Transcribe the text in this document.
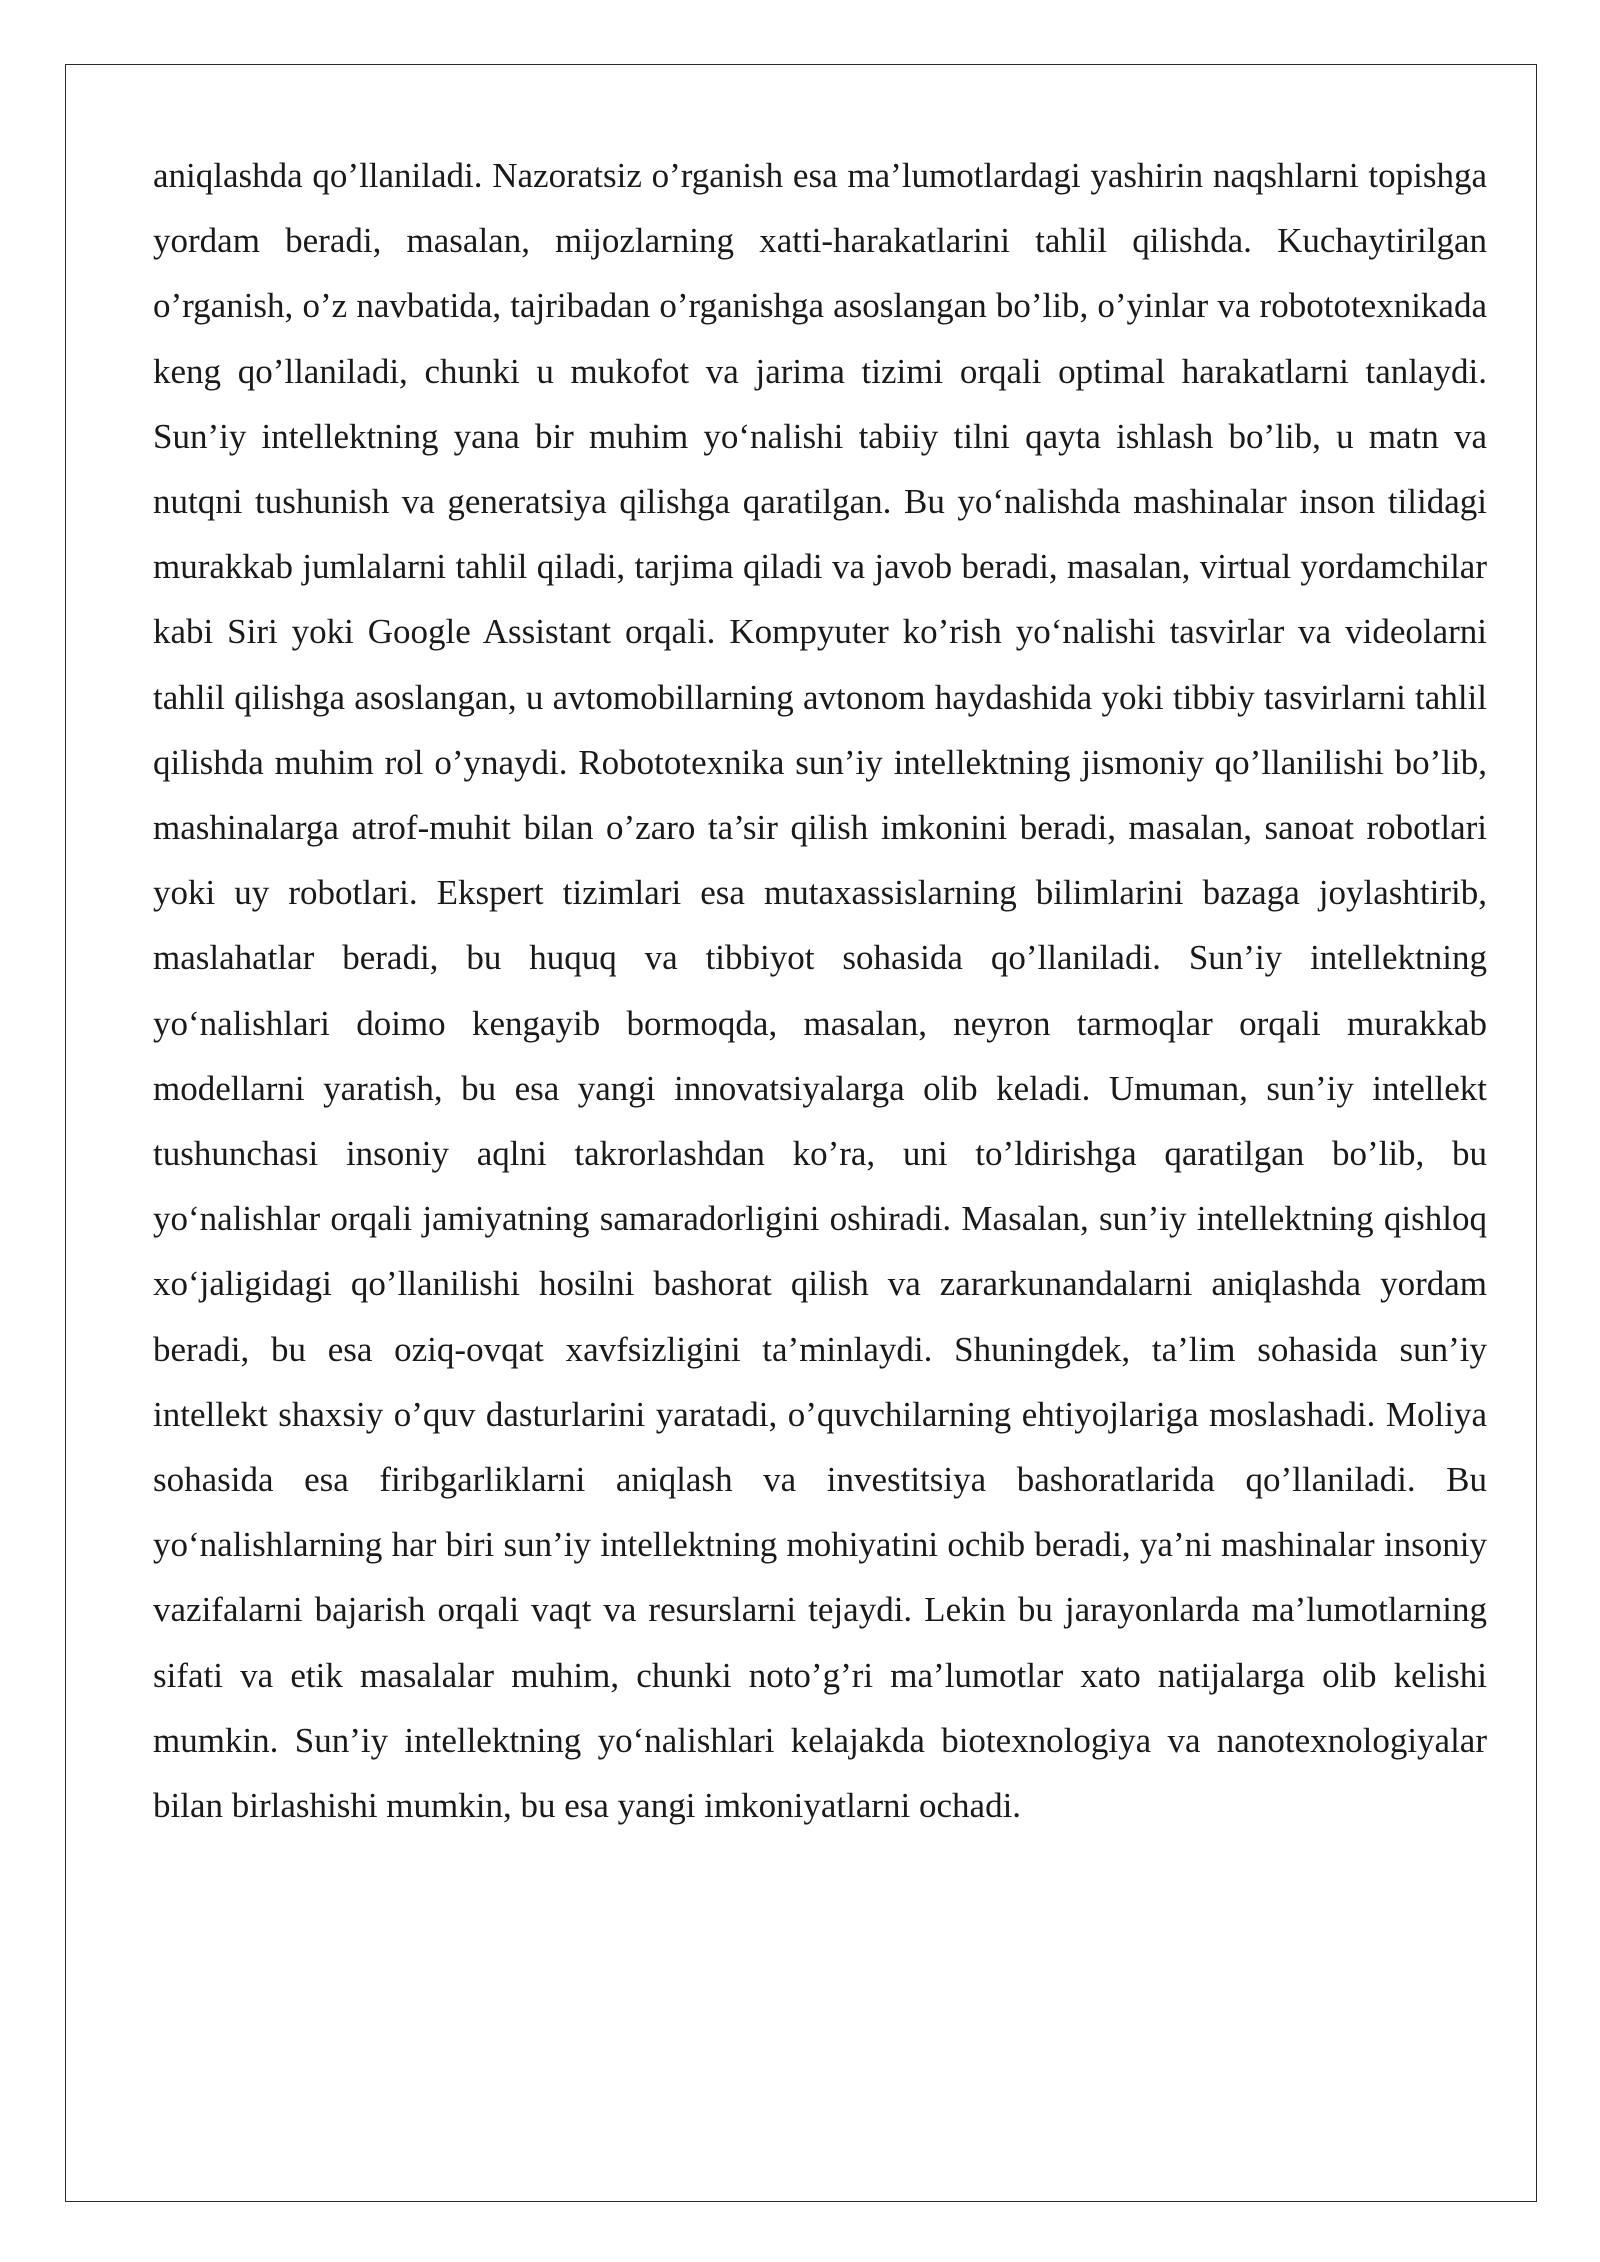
aniqlashda qo’llaniladi. Nazoratsiz o’rganish esa ma’lumotlardagi yashirin naqshlarni topishga yordam beradi, masalan, mijozlarning xatti-harakatlarini tahlil qilishda. Kuchaytirilgan o’rganish, o’z navbatida, tajribadan o’rganishga asoslangan bo’lib, o’yinlar va robototexnikada keng qo’llaniladi, chunki u mukofot va jarima tizimi orqali optimal harakatlarni tanlaydi. Sun’iy intellektning yana bir muhim yo‘nalishi tabiiy tilni qayta ishlash bo’lib, u matn va nutqni tushunish va generatsiya qilishga qaratilgan. Bu yo‘nalishda mashinalar inson tilidagi murakkab jumlalarni tahlil qiladi, tarjima qiladi va javob beradi, masalan, virtual yordamchilar kabi Siri yoki Google Assistant orqali. Kompyuter ko’rish yo‘nalishi tasvirlar va videolarni tahlil qilishga asoslangan, u avtomobillarning avtonom haydashida yoki tibbiy tasvirlarni tahlil qilishda muhim rol o’ynaydi. Robototexnika sun’iy intellektning jismoniy qo’llanilishi bo’lib, mashinalarga atrof-muhit bilan o’zaro ta’sir qilish imkonini beradi, masalan, sanoat robotlari yoki uy robotlari. Ekspert tizimlari esa mutaxassislarning bilimlarini bazaga joylashtirib, maslahatlar beradi, bu huquq va tibbiyot sohasida qo’llaniladi. Sun’iy intellektning yo‘nalishlari doimo kengayib bormoqda, masalan, neyron tarmoqlar orqali murakkab modellarni yaratish, bu esa yangi innovatsiyalarga olib keladi. Umuman, sun’iy intellekt tushunchasi insoniy aqlni takrorlashdan ko’ra, uni to’ldirishga qaratilgan bo’lib, bu yo‘nalishlar orqali jamiyatning samaradorligini oshiradi. Masalan, sun’iy intellektning qishloq xo‘jaligidagi qo’llanilishi hosilni bashorat qilish va zararkunandalarni aniqlashda yordam beradi, bu esa oziq-ovqat xavfsizligini ta’minlaydi. Shuningdek, ta’lim sohasida sun’iy intellekt shaxsiy o’quv dasturlarini yaratadi, o’quvchilarning ehtiyojlariga moslashadi. Moliya sohasida esa firibgarliklarni aniqlash va investitsiya bashoratlarida qo’llaniladi. Bu yo‘nalishlarning har biri sun’iy intellektning mohiyatini ochib beradi, ya’ni mashinalar insoniy vazifalarni bajarish orqali vaqt va resurslarni tejaydi. Lekin bu jarayonlarda ma’lumotlarning sifati va etik masalalar muhim, chunki noto’g’ri ma’lumotlar xato natijalarga olib kelishi mumkin. Sun’iy intellektning yo‘nalishlari kelajakda biotexnologiya va nanotexnologiyalar bilan birlashishi mumkin, bu esa yangi imkoniyatlarni ochadi.
